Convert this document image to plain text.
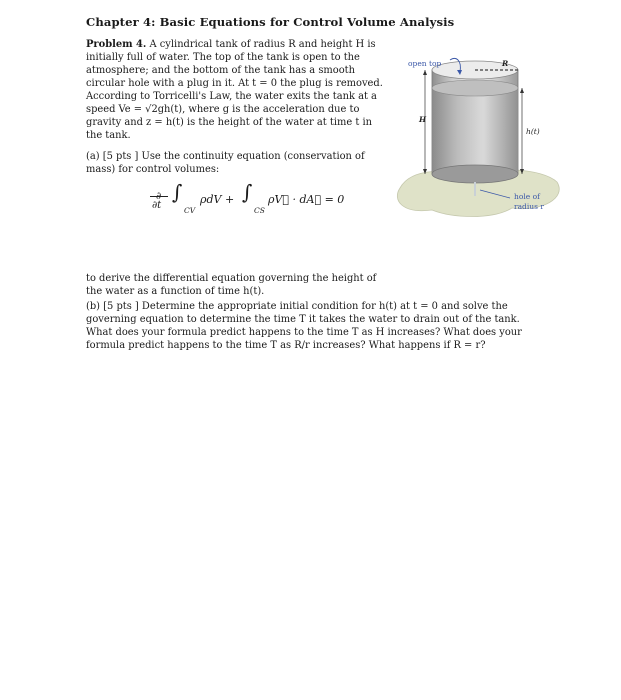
Chapter 4: Basic Equations for Control Volume Analysis

Problem 4. A cylindrical tank of radius R and height H is initially full of water. The top of the tank is open to the atmosphere; and the bottom of the tank has a smooth circular hole with a plug in it. At t = 0 the plug is removed. According to Torricelli's Law, the water exits the tank at a speed Ve = √2gh(t), where g is the acceleration due to gravity and z = h(t) is the height of the water at time t in the tank.

(a) [5 pts ] Use the continuity equation (conservation of mass) for control volumes:

∂
∂t
∫
CV
ρdV + ∫
CS
ρV⃗ · dA⃗ = 0

to derive the differential equation governing the height of the water as a function of time h(t).

(b) [5 pts ] Determine the appropriate initial condition for h(t) at t = 0 and solve the governing equation to determine the time T it takes the water to drain out of the tank. What does your formula predict happens to the time T as H increases? What does your formula predict happens to the time T as R/r increases? What happens if R = r?

open top	R
H
h(t)
hole of
radius r
